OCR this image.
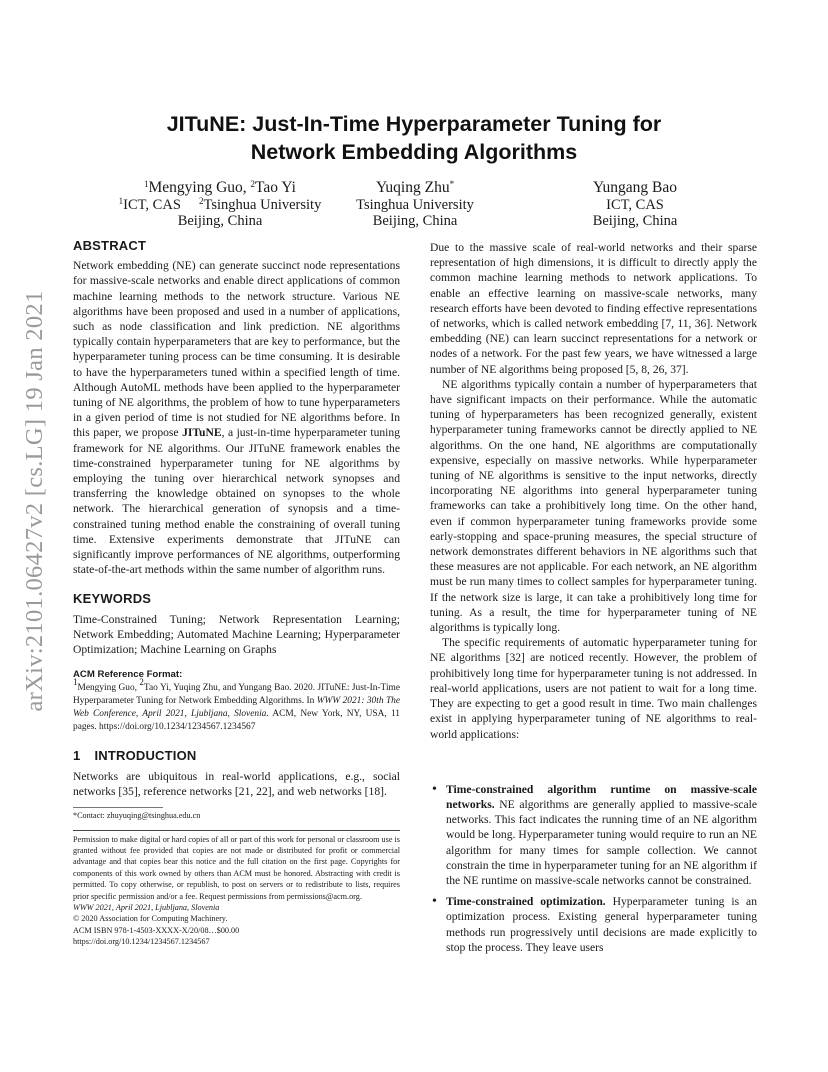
arXiv:2101.06427v2 [cs.LG] 19 Jan 2021
JITuNE: Just-In-Time Hyperparameter Tuning for
Network Embedding Algorithms
$^1$Mengying Guo, $^2$Tao Yi
$^1$ICT, CAS     $^2$Tsinghua University
Beijing, China
Yuqing Zhu*
Tsinghua University
Beijing, China
Yungang Bao
ICT, CAS
Beijing, China
ABSTRACT

Network embedding (NE) can generate succinct node representations for massive-scale networks and enable direct applications of common machine learning methods to the network structure. Various NE algorithms have been proposed and used in a number of applications, such as node classification and link prediction. NE algorithms typically contain hyperparameters that are key to performance, but the hyperparameter tuning process can be time consuming. It is desirable to have the hyperparameters tuned within a specified length of time. Although AutoML methods have been applied to the hyperparameter tuning of NE algorithms, the problem of how to tune hyperparameters in a given period of time is not studied for NE algorithms before. In this paper, we propose JITuNE, a just-in-time hyperparameter tuning framework for NE algorithms. Our JITuNE framework enables the time-constrained hyperparameter tuning for NE algorithms by employing the tuning over hierarchical network synopses and transferring the knowledge obtained on synopses to the whole network. The hierarchical generation of synopsis and a time-constrained tuning method enable the constraining of overall tuning time. Extensive experiments demonstrate that JITuNE can significantly improve performances of NE algorithms, outperforming state-of-the-art methods within the same number of algorithm runs.

KEYWORDS

Time-Constrained Tuning; Network Representation Learning; Network Embedding; Automated Machine Learning; Hyperparameter Optimization; Machine Learning on Graphs

ACM Reference Format:

$^1$Mengying Guo, $^2$Tao Yi, Yuqing Zhu, and Yungang Bao. 2020. JITuNE: Just-In-Time Hyperparameter Tuning for Network Embedding Algorithms. In WWW 2021: 30th The Web Conference, April 2021, Ljubljana, Slovenia. ACM, New York, NY, USA, 11 pages. https://doi.org/10.1234/1234567.1234567

1 INTRODUCTION

Networks are ubiquitous in real-world applications, e.g., social networks [35], reference networks [21, 22], and web networks [18].

*Contact: zhuyuqing@tsinghua.edu.cn

Permission to make digital or hard copies of all or part of this work for personal or classroom use is granted without fee provided that copies are not made or distributed for profit or commercial advantage and that copies bear this notice and the full citation on the first page. Copyrights for components of this work owned by others than ACM must be honored. Abstracting with credit is permitted. To copy otherwise, or republish, to post on servers or to redistribute to lists, requires prior specific permission and/or a fee. Request permissions from permissions@acm.org.

WWW 2021, April 2021, Ljubljana, Slovenia
© 2020 Association for Computing Machinery.
ACM ISBN 978-1-4503-XXXX-X/20/08…$00.00
https://doi.org/10.1234/1234567.1234567

Due to the massive scale of real-world networks and their sparse representation of high dimensions, it is difficult to directly apply the common machine learning methods to network applications. To enable an effective learning on massive-scale networks, many research efforts have been devoted to finding effective representations of networks, which is called network embedding [7, 11, 36]. Network embedding (NE) can learn succinct representations for a network or nodes of a network. For the past few years, we have witnessed a large number of NE algorithms being proposed [5, 8, 26, 37].

NE algorithms typically contain a number of hyperparameters that have significant impacts on their performance. While the automatic tuning of hyperparameters has been recognized generally, existent hyperparameter tuning frameworks cannot be directly applied to NE algorithms. On the one hand, NE algorithms are computationally expensive, especially on massive networks. While hyperparameter tuning of NE algorithms is sensitive to the input networks, directly incorporating NE algorithms into general hyperparameter tuning frameworks can take a prohibitively long time. On the other hand, even if common hyperparameter tuning frameworks provide some early-stopping and space-pruning measures, the special structure of network demonstrates different behaviors in NE algorithms such that these measures are not applicable. For each network, an NE algorithm must be run many times to collect samples for hyperparameter tuning. If the network size is large, it can take a prohibitively long time for tuning. As a result, the time for hyperparameter tuning of NE algorithms is typically long.

The specific requirements of automatic hyperparameter tuning for NE algorithms [32] are noticed recently. However, the problem of prohibitively long time for hyperparameter tuning is not addressed. In real-world applications, users are not patient to wait for a long time. They are expecting to get a good result in time. Two main challenges exist in applying hyperparameter tuning of NE algorithms to real-world applications:

• Time-constrained algorithm runtime on massive-scale networks. NE algorithms are generally applied to massive-scale networks. This fact indicates the running time of an NE algorithm would be long. Hyperparameter tuning would require to run an NE algorithm for many times for sample collection. We cannot constrain the time in hyperparameter tuning for an NE algorithm if the NE runtime on massive-scale networks cannot be constrained.
• Time-constrained optimization. Hyperparameter tuning is an optimization process. Existing general hyperparameter tuning methods run progressively until decisions are made explicitly to stop the process. They leave users
